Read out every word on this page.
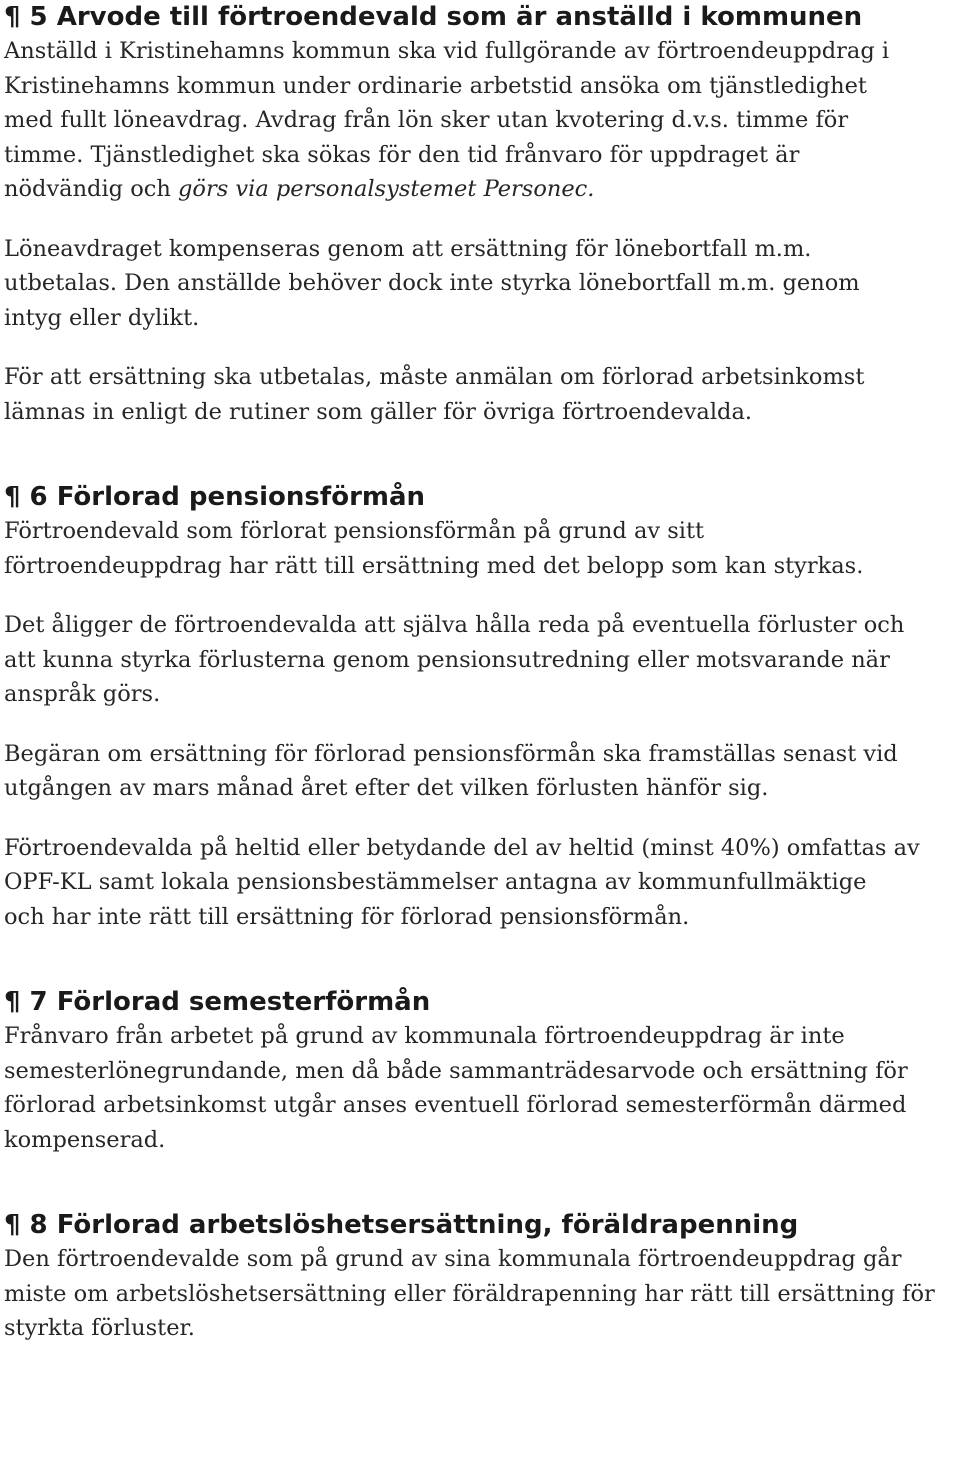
¶ 5
Arvode till förtroendevald som är anställd i kommunen

Anställd i Kristinehamns kommun ska vid fullgörande av förtroendeuppdrag i
Kristinehamns kommun under ordinarie arbetstid ansöka om tjänstledighet
med fullt löneavdrag. Avdrag från lön sker utan kvotering d.v.s. timme för
timme. Tjänstledighet ska sökas för den tid frånvaro för uppdraget är
nödvändig och görs via personalsystemet Personec.

Löneavdraget kompenseras genom att ersättning för lönebortfall m.m.
utbetalas. Den anställde behöver dock inte styrka lönebortfall m.m. genom
intyg eller dylikt.

För att ersättning ska utbetalas, måste anmälan om förlorad arbetsinkomst
lämnas in enligt de rutiner som gäller för övriga förtroendevalda.

¶ 6
Förlorad pensionsförmån

Förtroendevald som förlorat pensionsförmån på grund av sitt
förtroendeuppdrag har rätt till ersättning med det belopp som kan styrkas.

Det åligger de förtroendevalda att själva hålla reda på eventuella förluster och
att kunna styrka förlusterna genom pensionsutredning eller motsvarande när
anspråk görs.

Begäran om ersättning för förlorad pensionsförmån ska framställas senast vid
utgången av mars månad året efter det vilken förlusten hänför sig.

Förtroendevalda på heltid eller betydande del av heltid (minst 40%) omfattas av
OPF-KL samt lokala pensionsbestämmelser antagna av kommunfullmäktige
och har inte rätt till ersättning för förlorad pensionsförmån.

¶ 7
Förlorad semesterförmån

Frånvaro från arbetet på grund av kommunala förtroendeuppdrag är inte
semesterlönegrundande, men då både sammanträdesarvode och ersättning för
förlorad arbetsinkomst utgår anses eventuell förlorad semesterförmån därmed
kompenserad.

¶ 8
Förlorad arbetslöshetsersättning, föräldrapenning

Den förtroendevalde som på grund av sina kommunala förtroendeuppdrag går
miste om arbetslöshetsersättning eller föräldrapenning har rätt till ersättning för
styrkta förluster.
